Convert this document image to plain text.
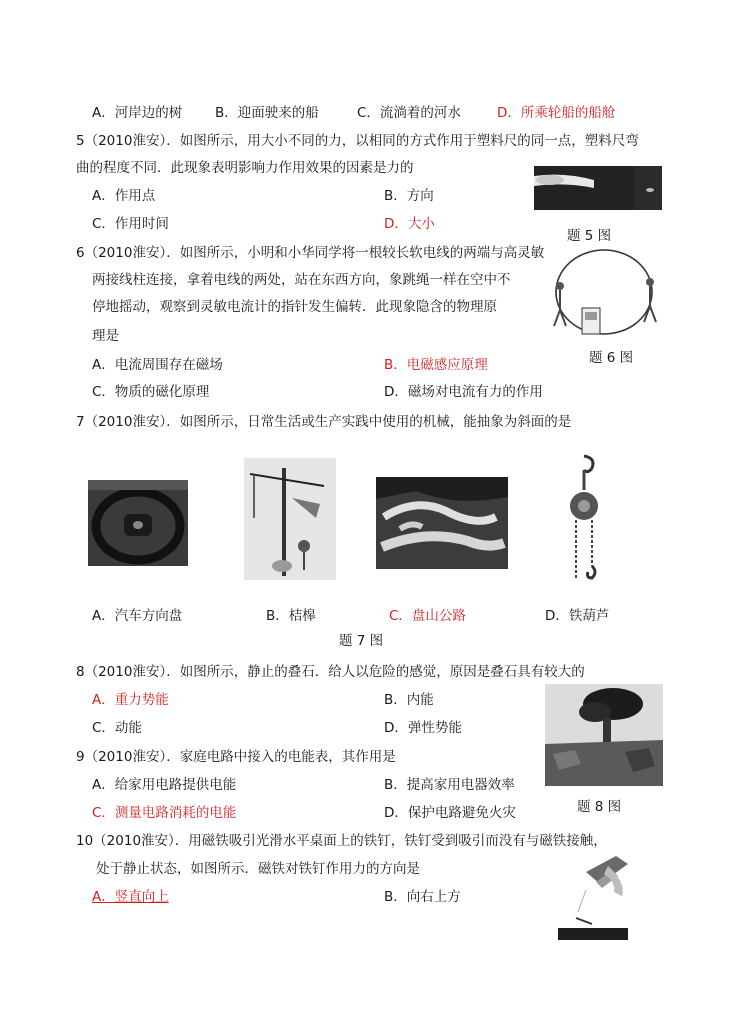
A．河岸边的树 B．迎面驶来的船	C．流淌着的河水	D．所乘轮船的船舱
5（2010淮安）．如图所示，用大小不同的力，以相同的方式作用于塑料尺的同一点，塑料尺弯
曲的程度不同．此现象表明影响力作用效果的因素是力的
A．作用点	B．方向
C．作用时间	D．大小
题 5 图
6（2010淮安）．如图所示，小明和小华同学将一根较长软电线的两端与高灵敏
两接线柱连接，拿着电线的两处，站在东西方向，象跳绳一样在空中不
停地摇动，观察到灵敏电流计的指针发生偏转．此现象隐含的物理原
理是
A．电流周围存在磁场	B．电磁感应原理
C．物质的磁化原理	D．磁场对电流有力的作用
题 6 图
7（2010淮安）．如图所示，日常生活或生产实践中使用的机械，能抽象为斜面的是
A．汽车方向盘	B．桔槔	C．盘山公路	D．铁葫芦
题 7 图
8（2010淮安）．如图所示，静止的叠石．给人以危险的感觉，原因是叠石具有较大的
A．重力势能	B．内能
C．动能	D．弹性势能
题 8 图
9（2010淮安）．家庭电路中接入的电能表，其作用是
A．给家用电路提供电能	B．提高家用电器效率
C．测量电路消耗的电能	D．保护电路避免火灾
10（2010淮安）．用磁铁吸引光滑水平桌面上的铁钉，铁钉受到吸引而没有与磁铁接触，
处于静止状态，如图所示．磁铁对铁钉作用力的方向是
A．竖直向上	B．向右上方
